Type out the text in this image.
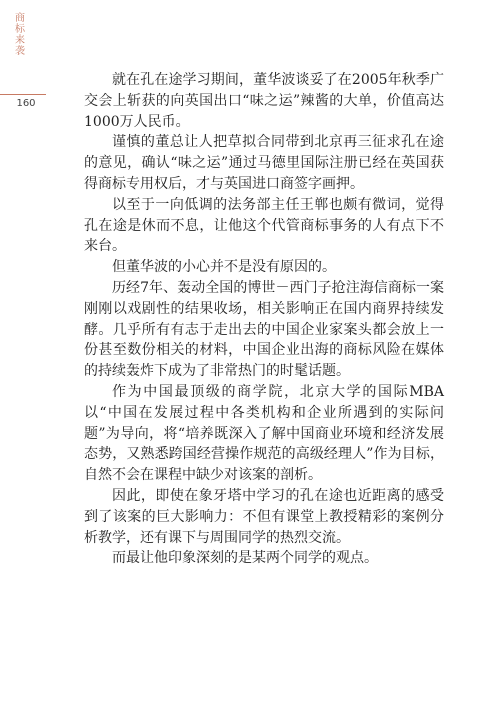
商标来袭
160

就在孔在途学习期间，董华波谈妥了在2005年秋季广交会上斩获的向英国出口“味之运”辣酱的大单，价值高达1000万人民币。

谨慎的董总让人把草拟合同带到北京再三征求孔在途的意见，确认“味之运”通过马德里国际注册已经在英国获得商标专用权后，才与英国进口商签字画押。

以至于一向低调的法务部主任王郸也颇有微词，觉得孔在途是休而不息，让他这个代管商标事务的人有点下不来台。

但董华波的小心并不是没有原因的。

历经7年、轰动全国的博世－西门子抢注海信商标一案刚刚以戏剧性的结果收场，相关影响正在国内商界持续发酵。几乎所有有志于走出去的中国企业家案头都会放上一份甚至数份相关的材料，中国企业出海的商标风险在媒体的持续轰炸下成为了非常热门的时髦话题。

作为中国最顶级的商学院，北京大学的国际MBA以“中国在发展过程中各类机构和企业所遇到的实际问题”为导向，将“培养既深入了解中国商业环境和经济发展态势，又熟悉跨国经营操作规范的高级经理人”作为目标，自然不会在课程中缺少对该案的剖析。

因此，即使在象牙塔中学习的孔在途也近距离的感受到了该案的巨大影响力：不但有课堂上教授精彩的案例分析教学，还有课下与周围同学的热烈交流。

而最让他印象深刻的是某两个同学的观点。
